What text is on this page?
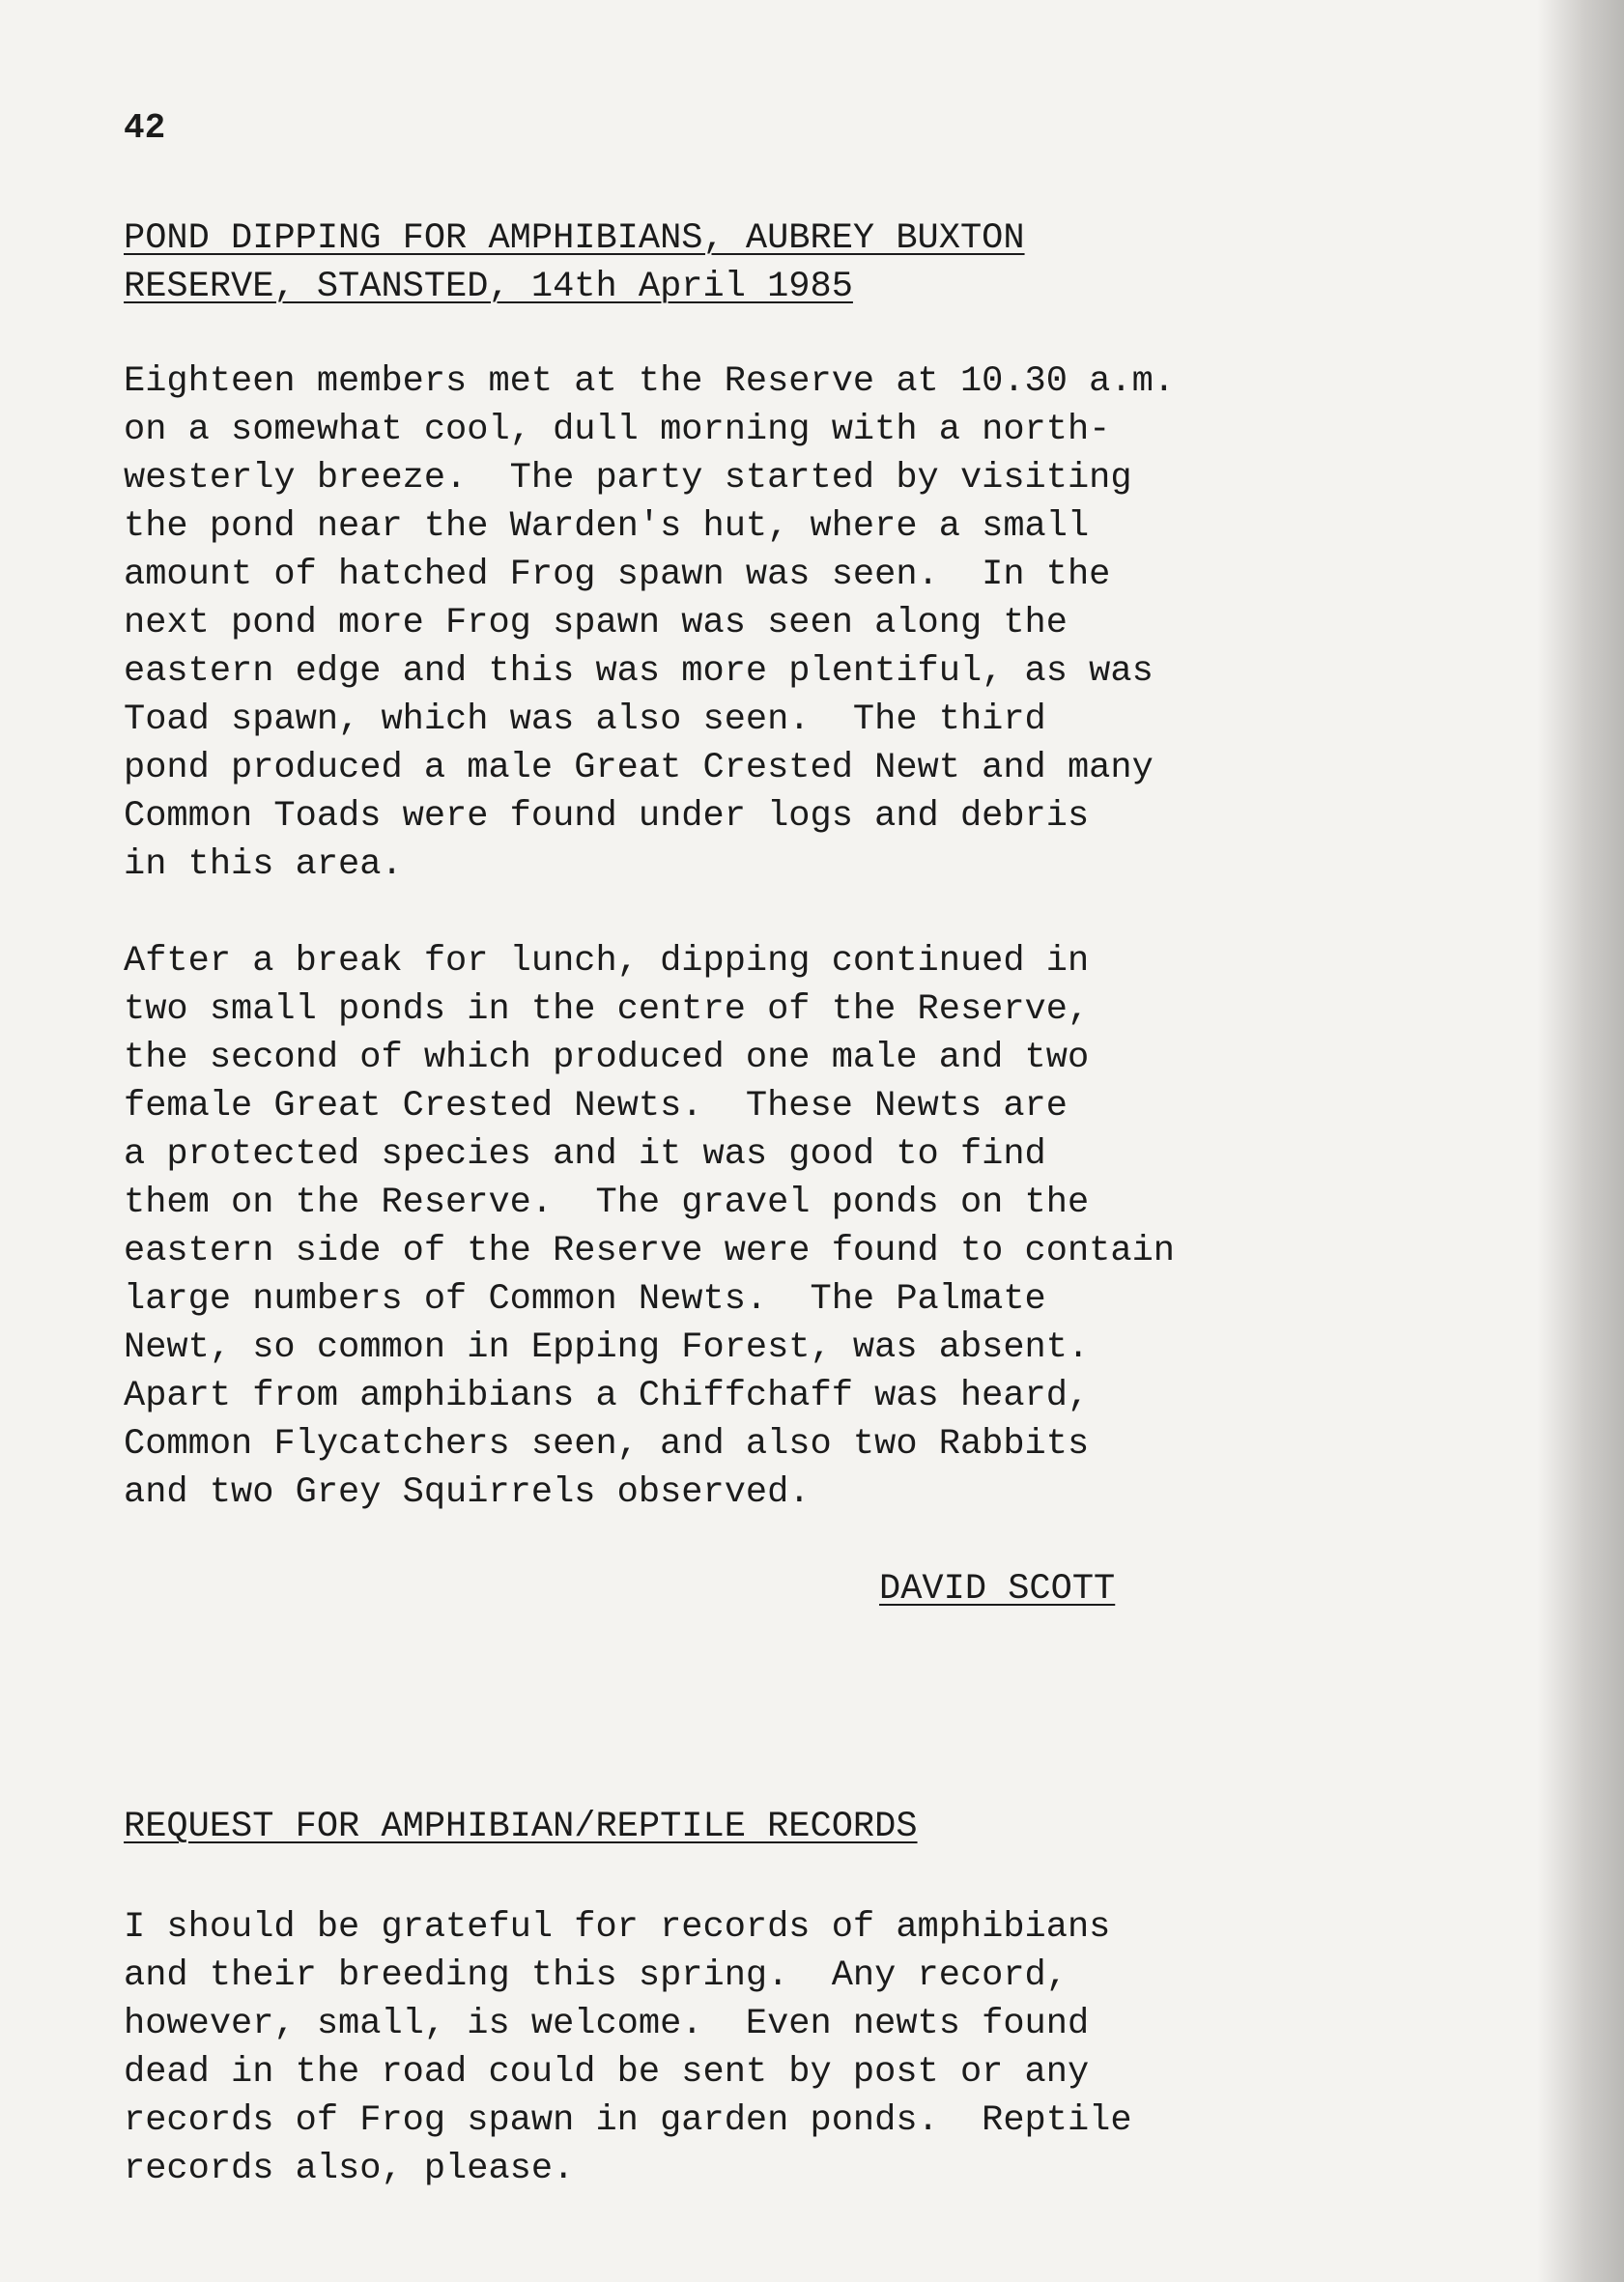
42
POND DIPPING FOR AMPHIBIANS, AUBREY BUXTON
RESERVE, STANSTED, 14th April 1985

Eighteen members met at the Reserve at 10.30 a.m.
on a somewhat cool, dull morning with a north-
westerly breeze.  The party started by visiting
the pond near the Warden's hut, where a small
amount of hatched Frog spawn was seen.  In the
next pond more Frog spawn was seen along the
eastern edge and this was more plentiful, as was
Toad spawn, which was also seen.  The third
pond produced a male Great Crested Newt and many
Common Toads were found under logs and debris
in this area.

After a break for lunch, dipping continued in
two small ponds in the centre of the Reserve,
the second of which produced one male and two
female Great Crested Newts.  These Newts are
a protected species and it was good to find
them on the Reserve.  The gravel ponds on the
eastern side of the Reserve were found to contain
large numbers of Common Newts.  The Palmate
Newt, so common in Epping Forest, was absent.
Apart from amphibians a Chiffchaff was heard,
Common Flycatchers seen, and also two Rabbits
and two Grey Squirrels observed.

DAVID SCOTT
REQUEST FOR AMPHIBIAN/REPTILE RECORDS

I should be grateful for records of amphibians
and their breeding this spring.  Any record,
however, small, is welcome.  Even newts found
dead in the road could be sent by post or any
records of Frog spawn in garden ponds.  Reptile
records also, please.
